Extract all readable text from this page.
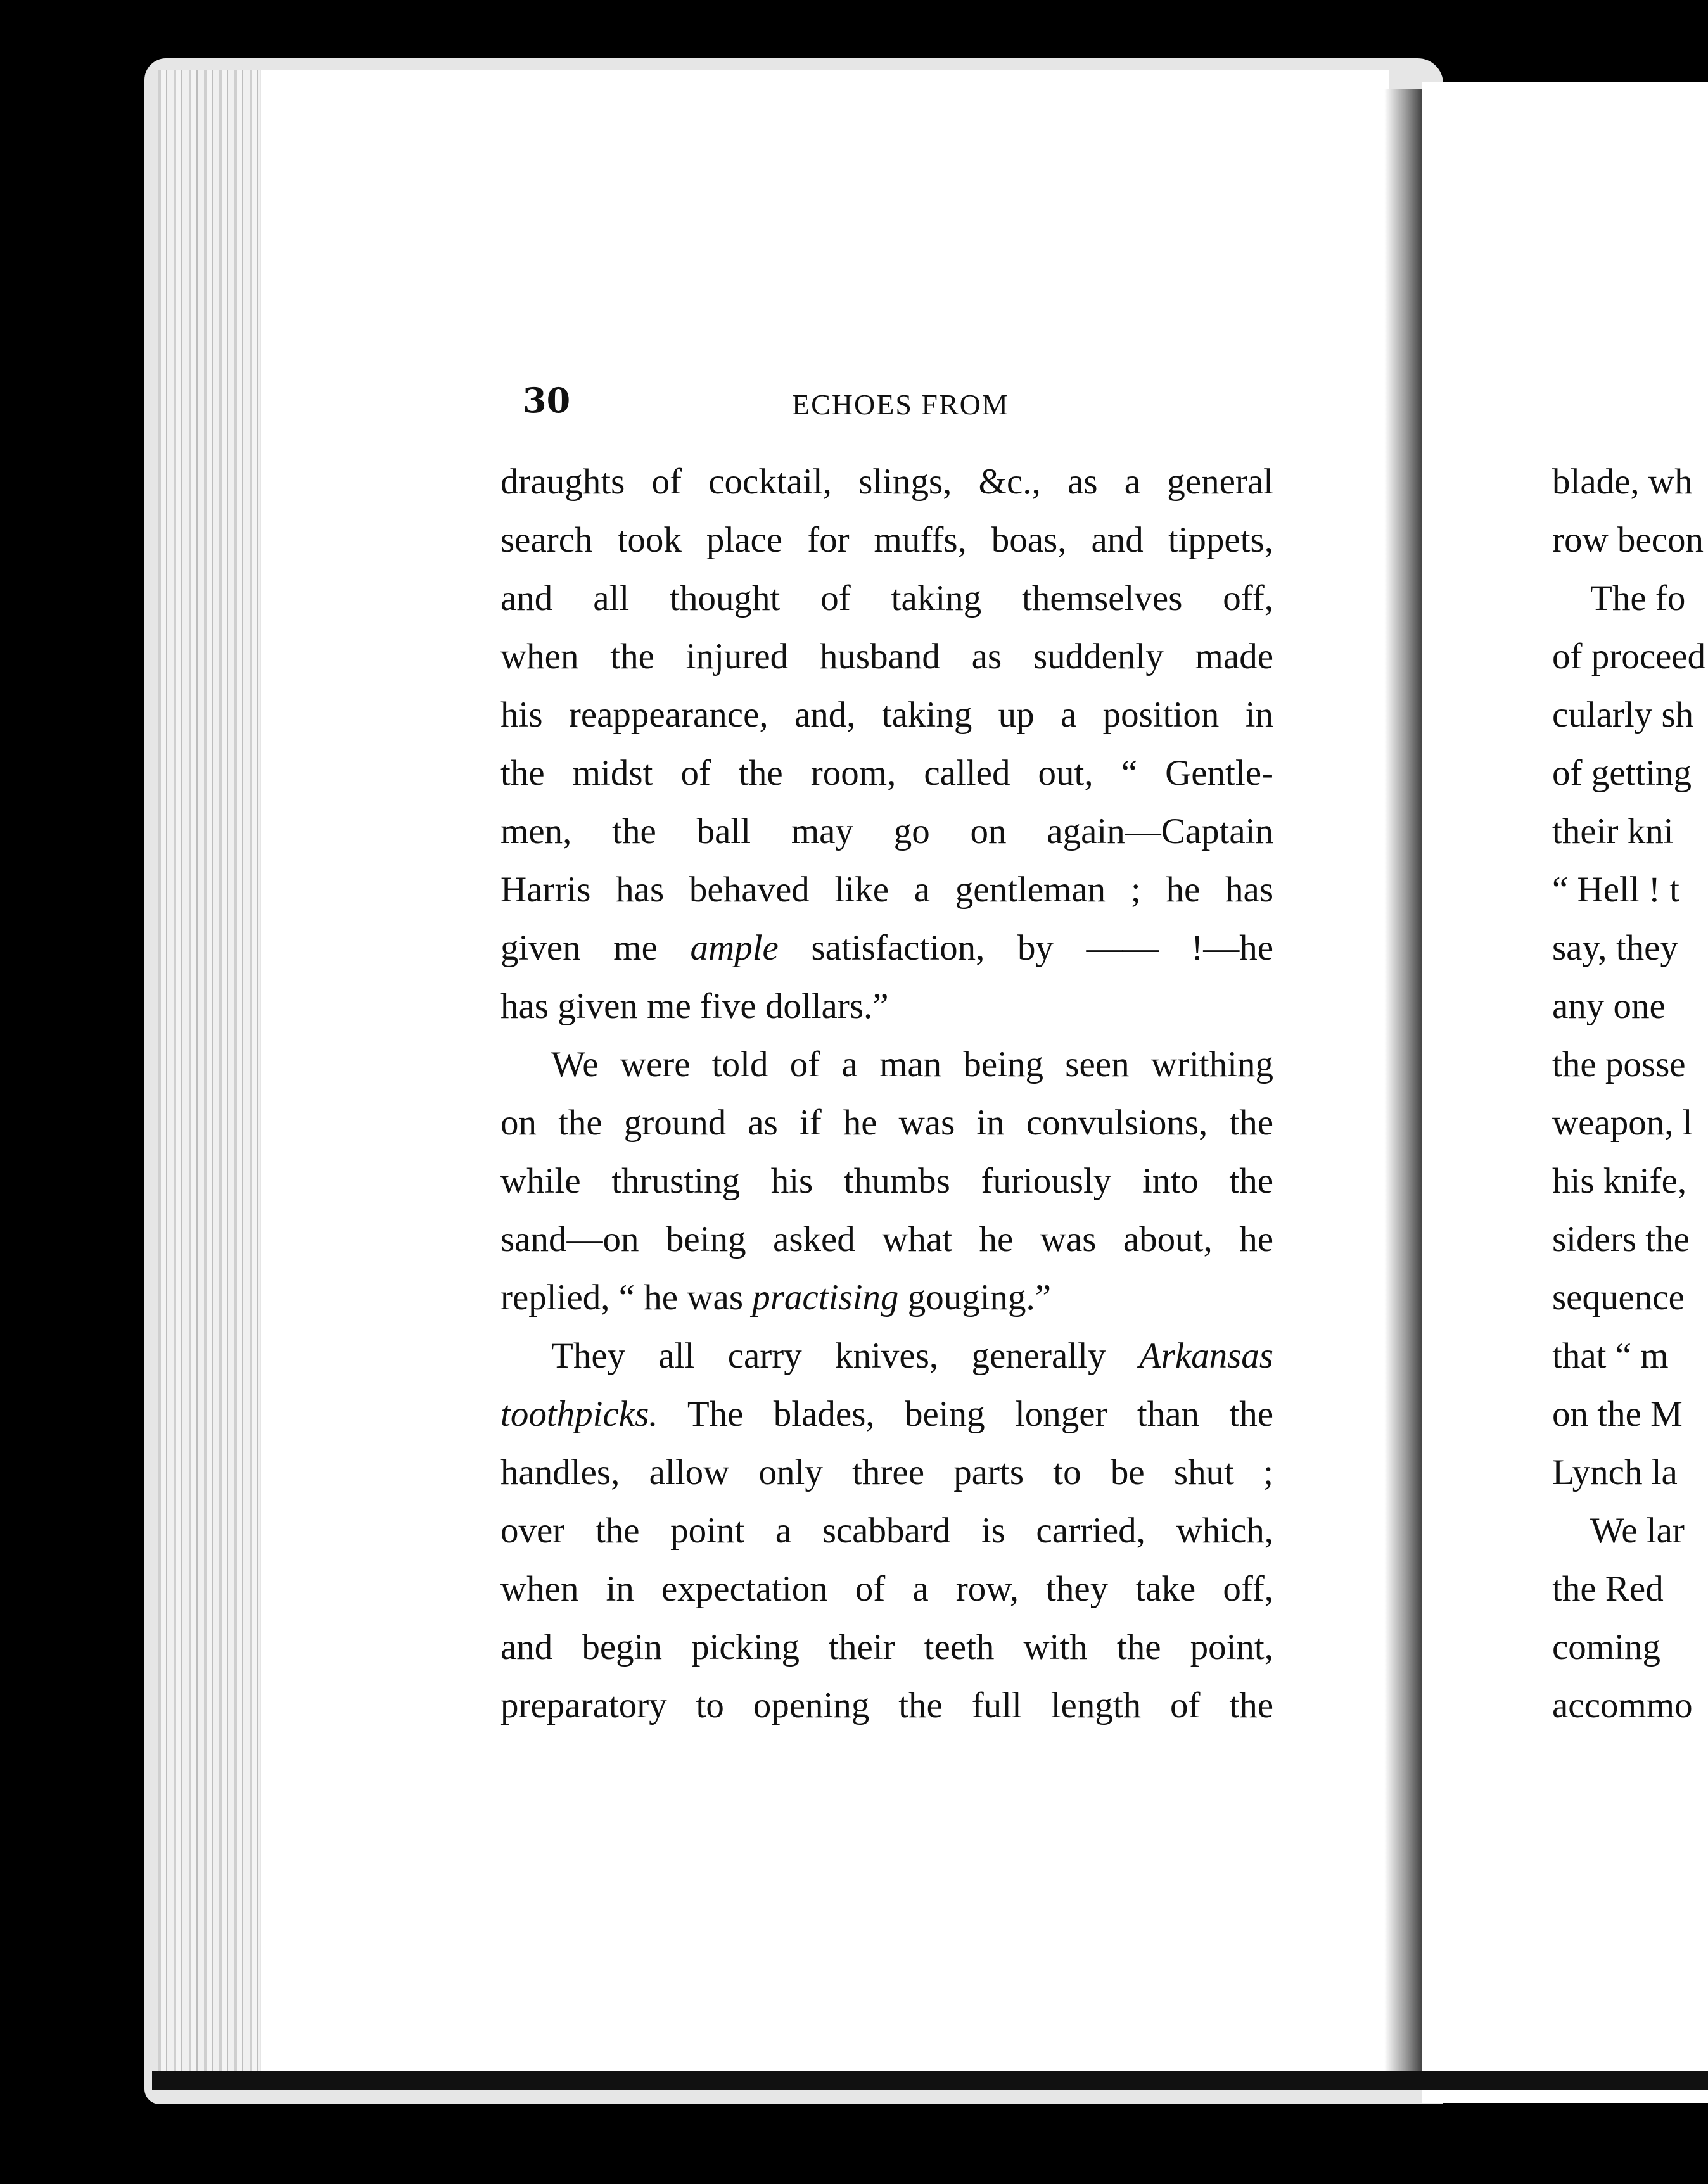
30	ECHOES FROM
draughts of cocktail, slings, &c., as a general
search took place for muffs, boas, and tippets,
and all thought of taking themselves off,
when the injured husband as suddenly made
his reappearance, and, taking up a position in
the midst of the room, called out, “ Gentle-
men, the ball may go on again—Captain
Harris has behaved like a gentleman ; he has
given me ample satisfaction, by —— !—he
has given me five dollars.”
We were told of a man being seen writhing
on the ground as if he was in convulsions, the
while thrusting his thumbs furiously into the
sand—on being asked what he was about, he
replied, “ he was practising gouging.”
They all carry knives, generally Arkansas
toothpicks. The blades, being longer than the
handles, allow only three parts to be shut ;
over the point a scabbard is carried, which,
when in expectation of a row, they take off,
and begin picking their teeth with the point,
preparatory to opening the full length of the
blade, wh
row becon
The fo
of proceed
cularly sh
of getting
their kni
“ Hell ! t
say, they
any one
the posse
weapon, l
his knife,
siders the
sequence
that “ m
on the M
Lynch la
We lar
the Red
coming
accommo
